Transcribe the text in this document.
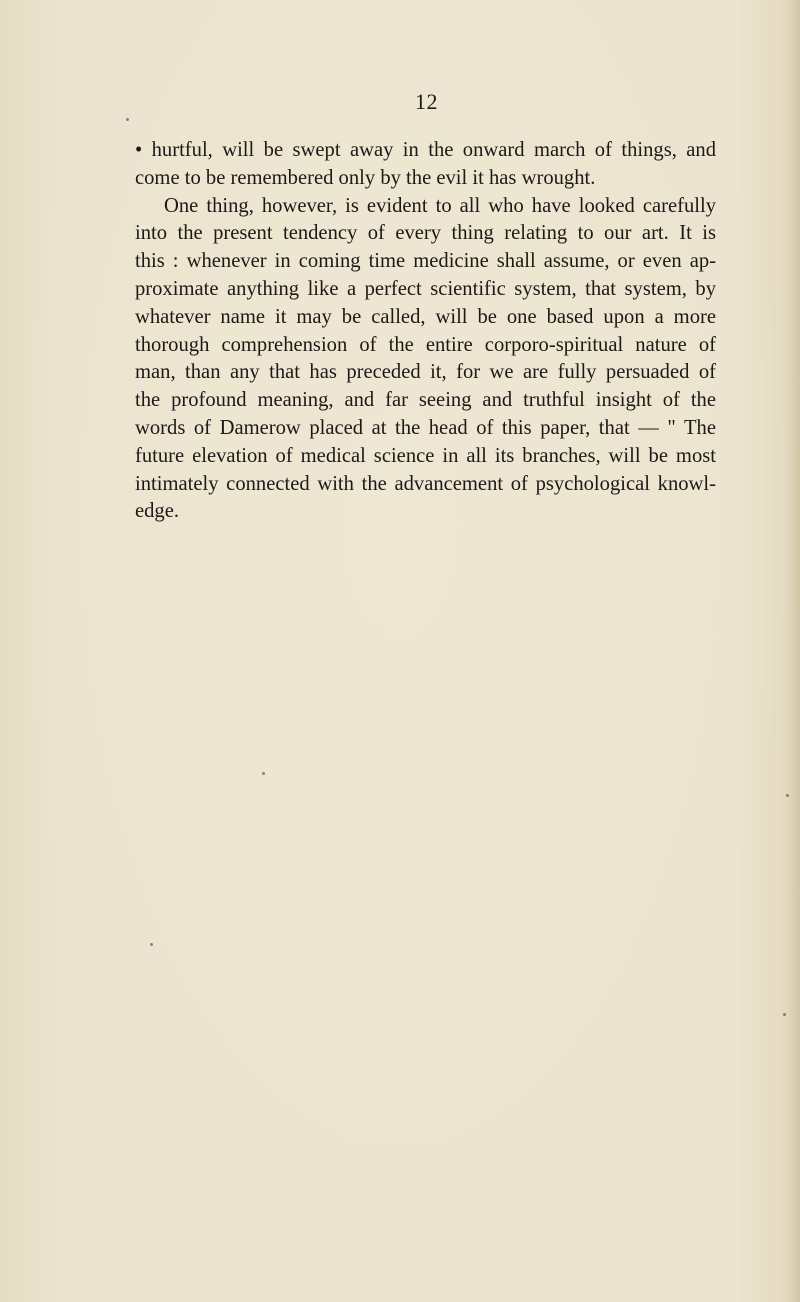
12
• hurtful, will be swept away in the onward march of things, and
come to be remembered only by the evil it has wrought.
One thing, however, is evident to all who have looked carefully
into the present tendency of every thing relating to our art. It is
this : whenever in coming time medicine shall assume, or even ap-
proximate anything like a perfect scientific system, that system, by
whatever name it may be called, will be one based upon a more
thorough comprehension of the entire corporo-spiritual nature of
man, than any that has preceded it, for we are fully persuaded of
the profound meaning, and far seeing and truthful insight of the
words of Damerow placed at the head of this paper, that — " The
future elevation of medical science in all its branches, will be most
intimately connected with the advancement of psychological knowl-
edge.
